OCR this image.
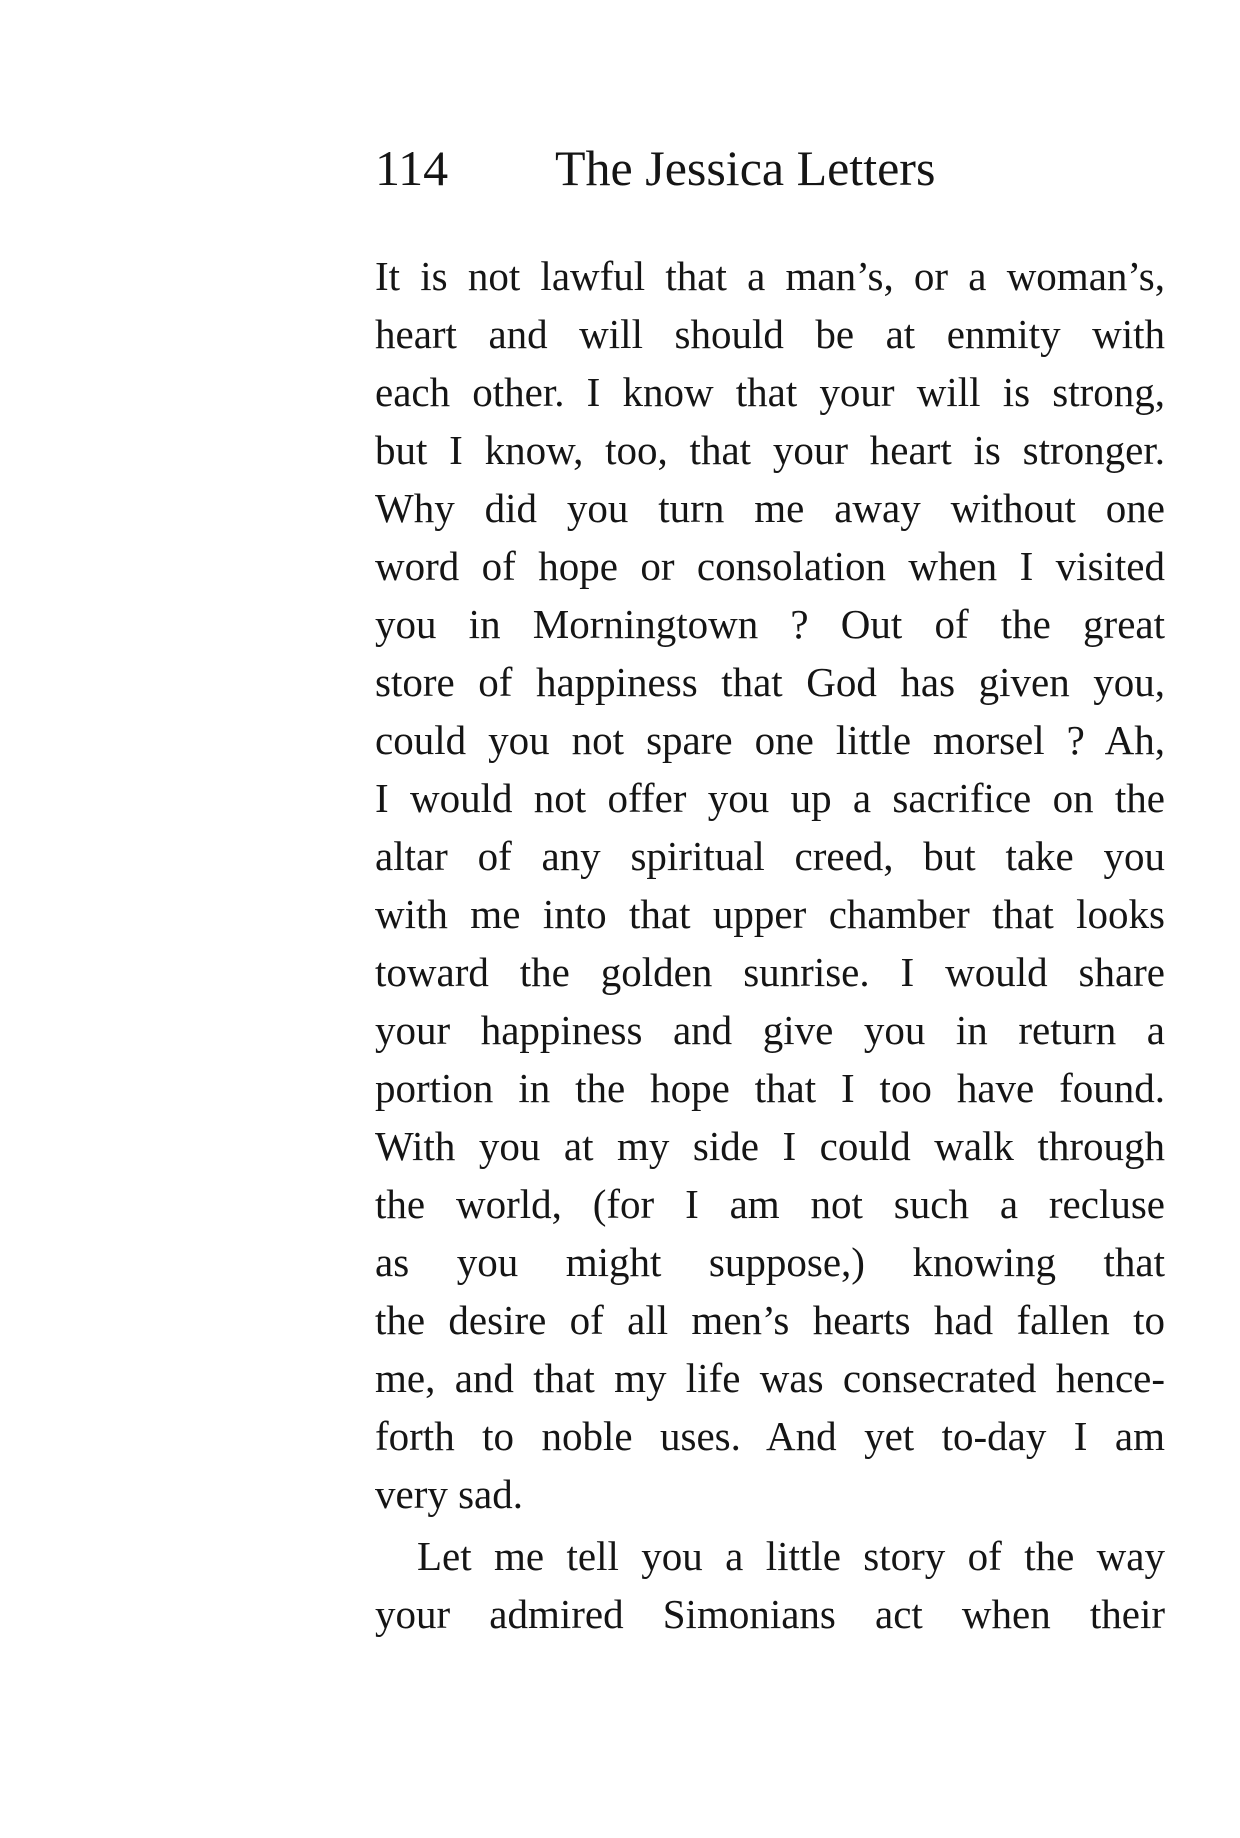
114 The Jessica Letters
It is not lawful that a man’s, or a woman’s,
heart and will should be at enmity with
each other. I know that your will is strong,
but I know, too, that your heart is stronger.
Why did you turn me away without one
word of hope or consolation when I visited
you in Morningtown ? Out of the great
store of happiness that God has given you,
could you not spare one little morsel ? Ah,
I would not offer you up a sacrifice on the
altar of any spiritual creed, but take you
with me into that upper chamber that looks
toward the golden sunrise. I would share
your happiness and give you in return a
portion in the hope that I too have found.
With you at my side I could walk through
the world, (for I am not such a recluse
as you might suppose,) knowing that
the desire of all men’s hearts had fallen to
me, and that my life was consecrated hence-
forth to noble uses. And yet to-day I am
very sad.
Let me tell you a little story of the way
your admired Simonians act when their
